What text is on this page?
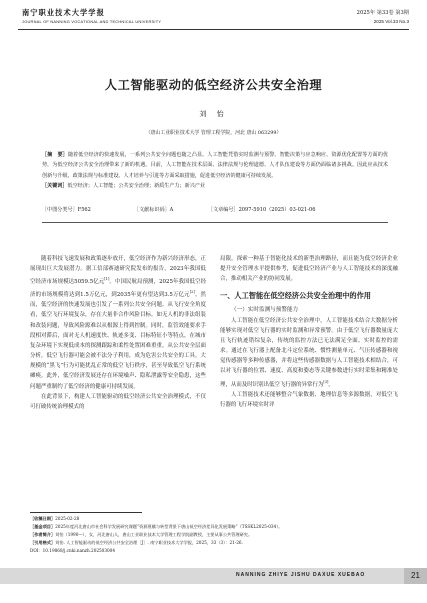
南宁职业技术大学学报
JOURNAL OF NANNING VOCATIONAL AND TECHNICAL UNIVERSITY
2025年 第33卷 第3期
2025 Vol.33 No.3
人工智能驱动的低空经济公共安全治理
刘 怡
（唐山工业职业技术大学 管理工程学院，河北 唐山 063299）

［摘　要］随着低空经济的快速发展，一系列公共安全问题也随之凸显。人工智能凭借实时监测与预警、智能决策与应急响应、资源优化配置等方面的优势，为低空经济公共安全治理带来了新的机遇。目前，人工智能在技术层面、法律法规与伦理道德、人才队伍建设等方面仍面临诸多挑战。因此应从技术创新与升级、政策法规与标准建设、人才培养与引进等方面采取措施，促进低空经济的健康可持续发展。

［关键词］低空经济；人工智能；公共安全治理；新质生产力；新兴产业

［中图分类号］F562	［文献标识码］A	［文章编号］2097-5910（2025）03-021-06

随着科技飞速发展和政策逐步放开，低空经济作为新兴经济形态，正展现出巨大发展潜力。据工信部赛迪研究院发布的报告，2023年我国低空经济市场规模达5059.5亿元[1]。中国民航局预测，2025年我国低空经济的市场规模将达到1.5万亿元，到2035年更有望达到3.5万亿元[2]。然而，低空经济的快速发展也引发了一系列公共安全问题。从飞行安全角度看，低空飞行环境复杂，存在大量非合作风险目标。如无人机的非法组装和改装问题，导致风险源难以从根源上得到控制。同时，监管效能要求手段相对滞后，面对无人机速度快、轨迹多变、目标特征小等特点，在城市复杂环境下实现低成本的探测跟踪和柔性处置困难重重。从公共安全层面分析，低空飞行器可能会被不法分子利用，成为危害公共安全的工具。大规模的“黑飞”行为可能扰乱正常的低空飞行秩序，甚至导致低空飞行系统瘫痪。此外，低空经济发展还存在环境噪声、隐私泄露等安全隐患，这些问题严重制约了低空经济的健康可持续发展。

在此背景下，构建人工智能驱动的低空经济公共安全治理模式，不仅可打破传统治理模式的

局限，探索一种基于智能化技术的新型治理路径，而且能为低空经济企业提升安全管理水平提供参考，促进低空经济产业与人工智能技术的深度融合，推动相关产业的协同发展。

一、人工智能在低空经济公共安全治理中的作用
（一）实时监测与预警能力

人工智能在低空经济公共安全治理中，人工智能技术结合大数据分析能够实现对低空飞行器的实时监测和异常预警。由于低空飞行器数量庞大且飞行轨迹错综复杂，传统的监控方法已无法满足全面、实时监控的需求。通过在飞行器上配备北斗定位系统、惯性测量单元、气压传感器和视觉传感器等多种传感器，并将这些传感器数据与人工智能技术相结合，可以对飞行器的位置、速度、高度和姿态等关键参数进行实时采集和精准处理，从而及时识别出低空飞行器的异常行为[3]。

人工智能技术还能够整合气象数据、地理信息等多源数据，对低空飞行器的飞行环境实时评

［收稿日期］2025-02-28

［基金项目］2025年度河北唐山市社会科学发展研究课题“资源禀赋与转型背景下唐山低空经济差异化发展策略”（TSSKL2025-034）。

［作者简介］刘怡（1990—），女，河北唐山人，唐山工业职业技术大学管理工程学院副教授，主要从事公共管理研究。

［引用格式］刘怡. 人工智能驱动的低空经济公共安全治理［J］. 南宁职业技术大学学报，2025，33（3）：21-26.

DOI：10.19868/j.cnki.nanzh.202503004

NANNING ZHIYE JISHU DAXUE XUEBAO	21
